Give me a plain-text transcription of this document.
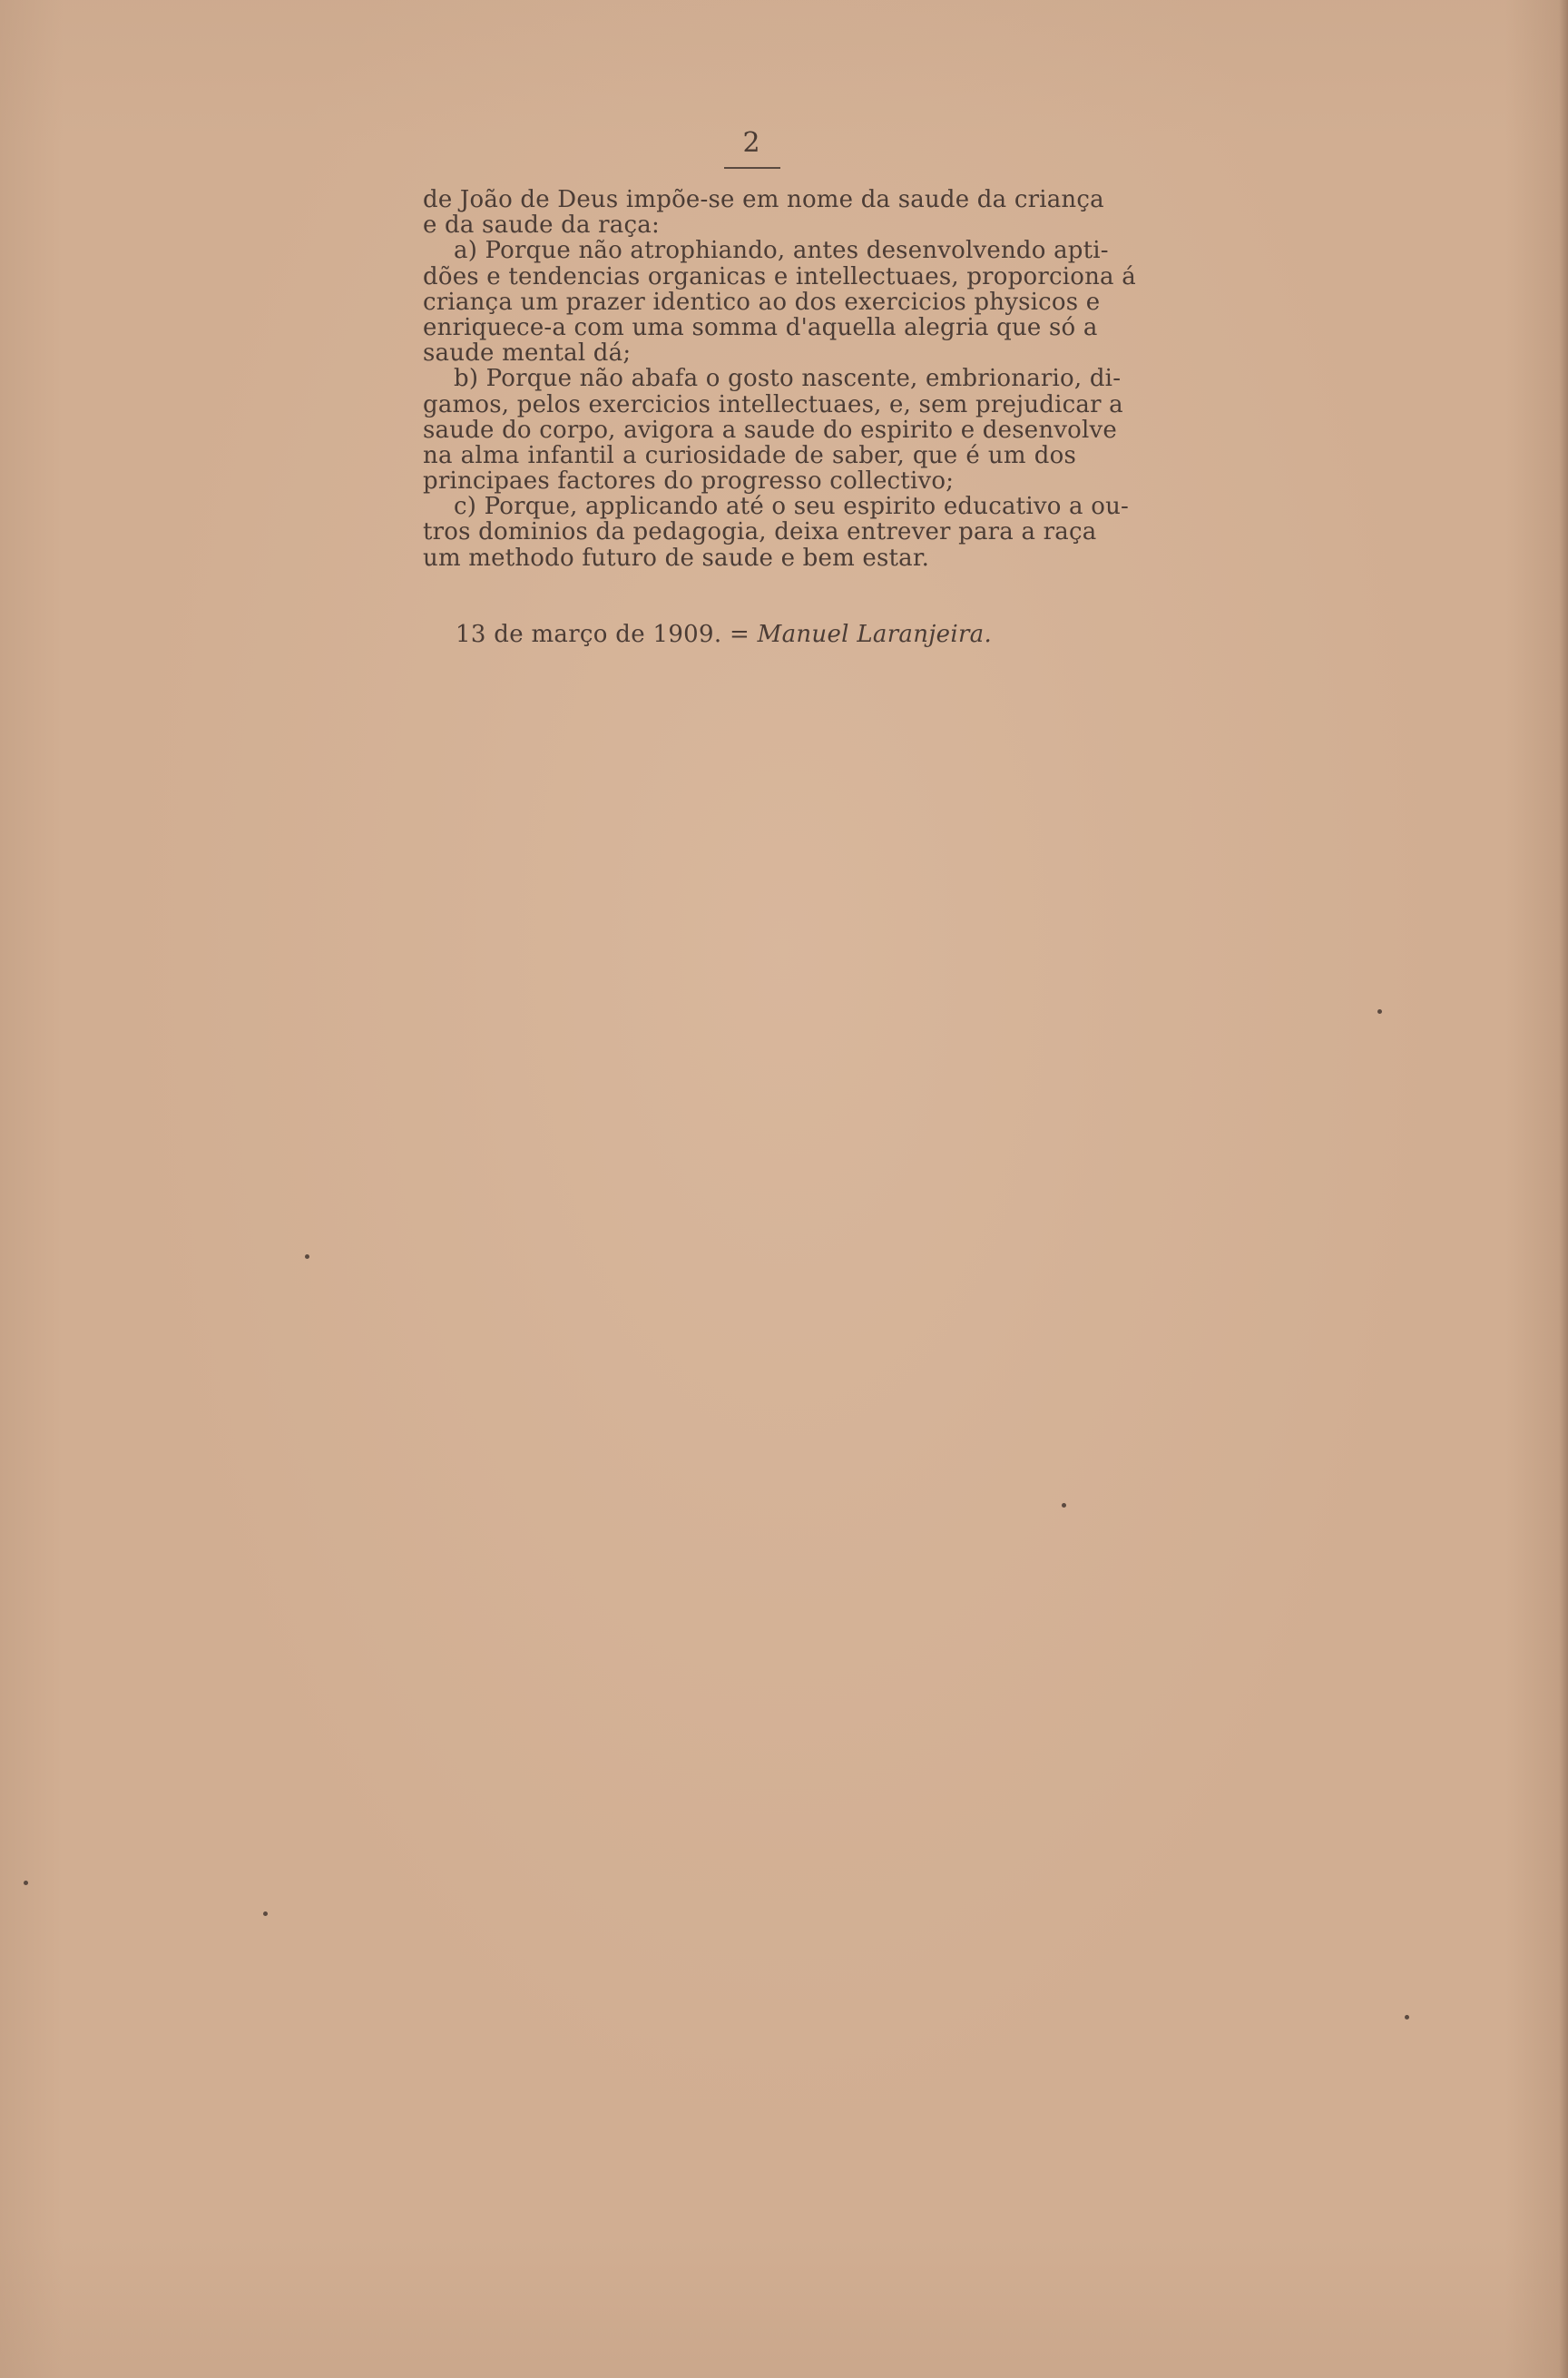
2
de João de Deus impõe-se em nome da saude da criança
e da saude da raça:
a) Porque não atrophiando, antes desenvolvendo apti-
dões e tendencias organicas e intellectuaes, proporciona á
criança um prazer identico ao dos exercicios physicos e
enriquece-a com uma somma d'aquella alegria que só a
saude mental dá;
b) Porque não abafa o gosto nascente, embrionario, di-
gamos, pelos exercicios intellectuaes, e, sem prejudicar a
saude do corpo, avigora a saude do espirito e desenvolve
na alma infantil a curiosidade de saber, que é um dos
principaes factores do progresso collectivo;
c) Porque, applicando até o seu espirito educativo a ou-
tros dominios da pedagogia, deixa entrever para a raça
um methodo futuro de saude e bem estar.
13 de março de 1909. = Manuel Laranjeira.
